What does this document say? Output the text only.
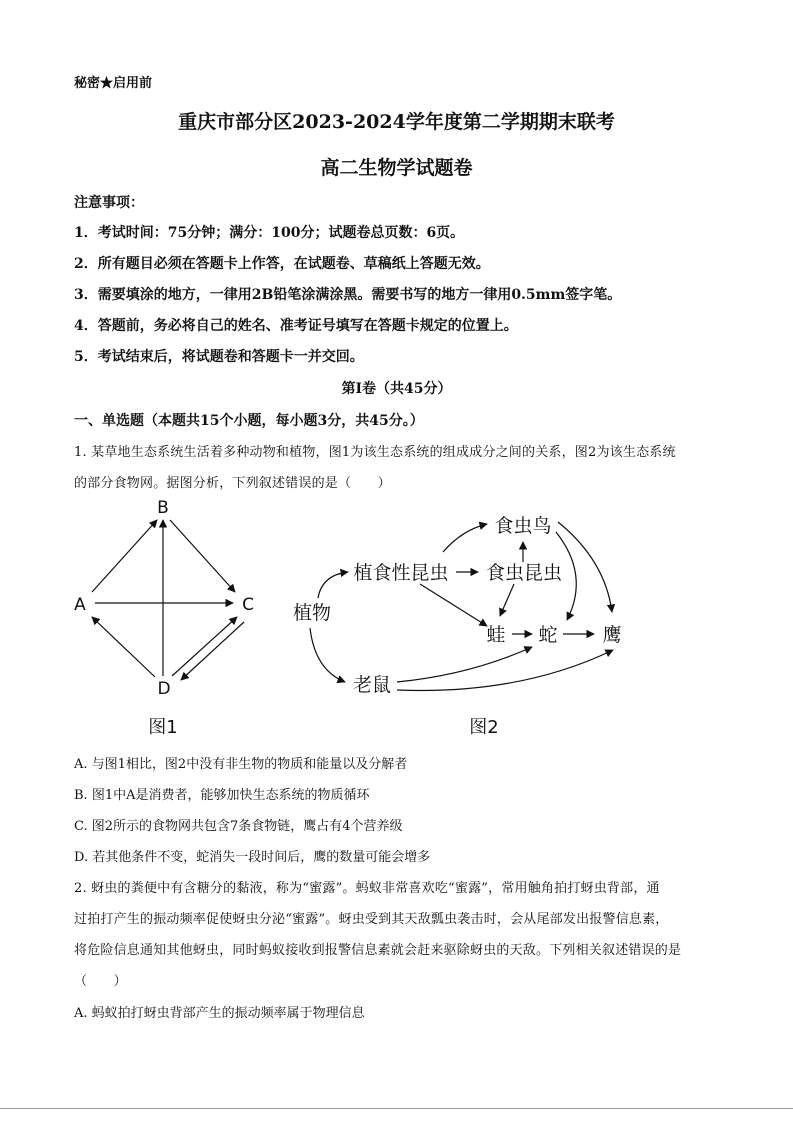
秘密★启用前
重庆市部分区2023-2024学年度第二学期期末联考
高二生物学试题卷
注意事项：
1．考试时间：75分钟；满分：100分；试题卷总页数：6页。
2．所有题目必须在答题卡上作答，在试题卷、草稿纸上答题无效。
3．需要填涂的地方，一律用2B铅笔涂满涂黑。需要书写的地方一律用0.5mm签字笔。
4．答题前，务必将自己的姓名、准考证号填写在答题卡规定的位置上。
5．考试结束后，将试题卷和答题卡一并交回。
第I卷（共45分）
一、单选题（本题共15个小题，每小题3分，共45分。）
1. 某草地生态系统生活着多种动物和植物，图1为该生态系统的组成成分之间的关系，图2为该生态系统
的部分食物网。据图分析，下列叙述错误的是（　　）
B
A	C
D
图1
植物
植食性昆虫
食虫鸟
食虫昆虫
蛙 蛇 鹰
老鼠
图2
A. 与图1相比，图2中没有非生物的物质和能量以及分解者
B. 图1中A是消费者，能够加快生态系统的物质循环
C. 图2所示的食物网共包含7条食物链，鹰占有4个营养级
D. 若其他条件不变，蛇消失一段时间后，鹰的数量可能会增多
2. 蚜虫的粪便中有含糖分的黏液，称为“蜜露”。蚂蚁非常喜欢吃“蜜露”，常用触角拍打蚜虫背部，通
过拍打产生的振动频率促使蚜虫分泌“蜜露”。蚜虫受到其天敌瓢虫袭击时，会从尾部发出报警信息素，
将危险信息通知其他蚜虫，同时蚂蚁接收到报警信息素就会赶来驱除蚜虫的天敌。下列相关叙述错误的是
（　　）
A. 蚂蚁拍打蚜虫背部产生的振动频率属于物理信息
